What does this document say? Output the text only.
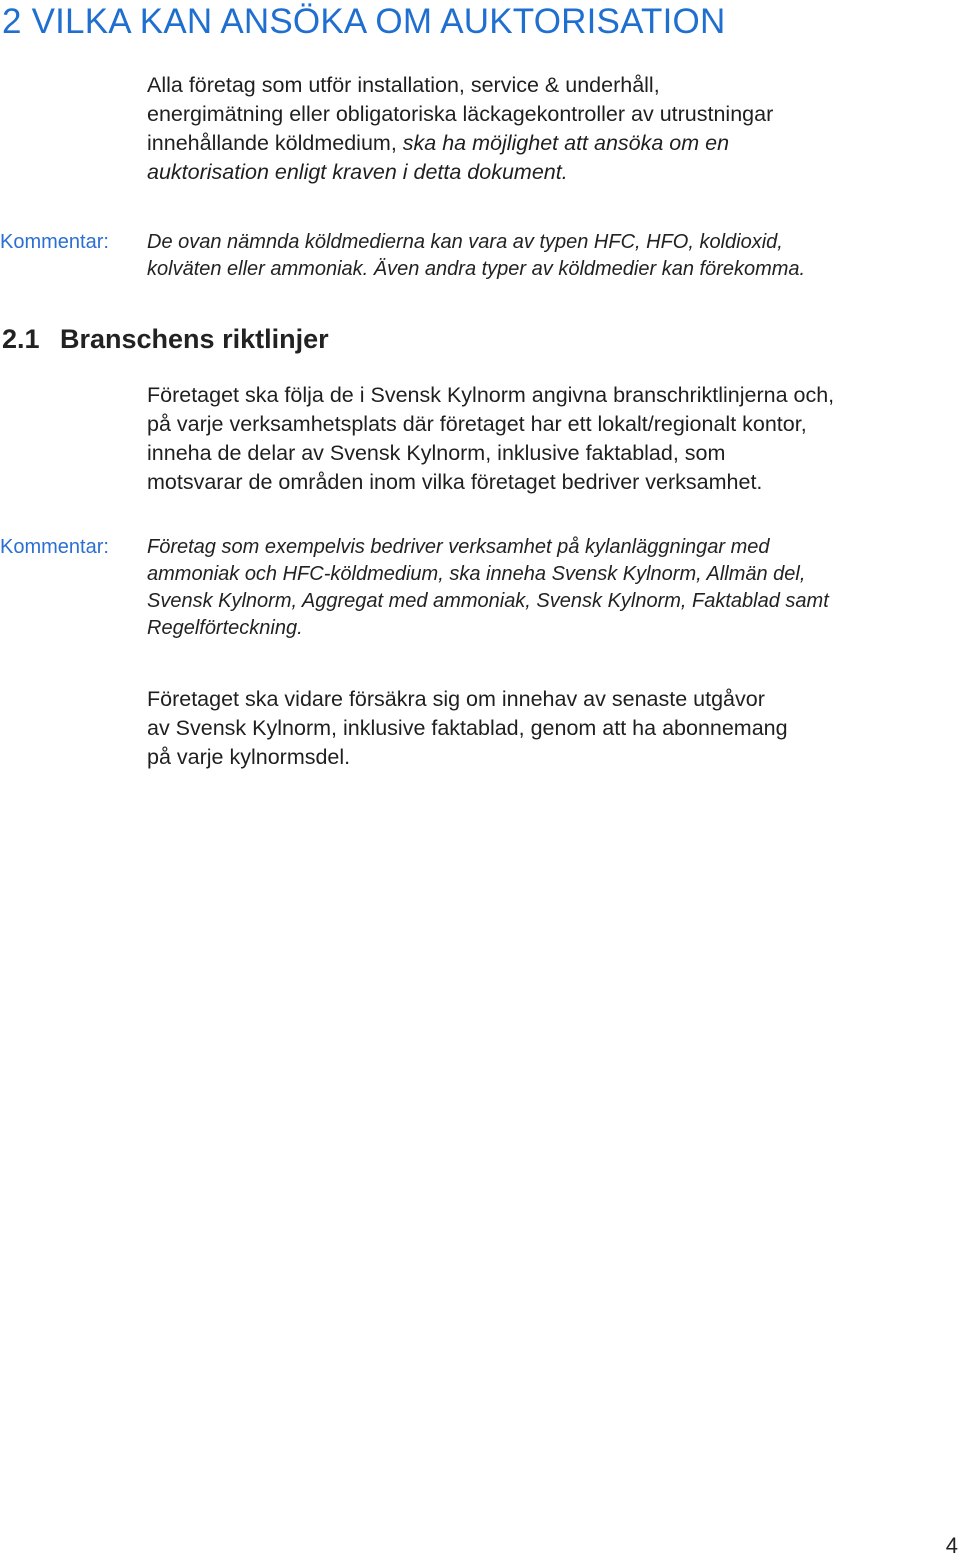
2 VILKA KAN ANSÖKA OM AUKTORISATION
Alla företag som utför installation, service & underhåll,
energimätning eller obligatoriska läckagekontroller av utrustningar
innehållande köldmedium, ska ha möjlighet att ansöka om en
auktorisation enligt kraven i detta dokument.
Kommentar: De ovan nämnda köldmedierna kan vara av typen HFC, HFO, koldioxid,
kolväten eller ammoniak. Även andra typer av köldmedier kan förekomma.
2.1 Branschens riktlinjer
Företaget ska följa de i Svensk Kylnorm angivna branschriktlinjerna och,
på varje verksamhetsplats där företaget har ett lokalt/regionalt kontor,
inneha de delar av Svensk Kylnorm, inklusive faktablad, som
motsvarar de områden inom vilka företaget bedriver verksamhet.
Kommentar: Företag som exempelvis bedriver verksamhet på kylanläggningar med
ammoniak och HFC-köldmedium, ska inneha Svensk Kylnorm, Allmän del,
Svensk Kylnorm, Aggregat med ammoniak, Svensk Kylnorm, Faktablad samt
Regelförteckning.
Företaget ska vidare försäkra sig om innehav av senaste utgåvor
av Svensk Kylnorm, inklusive faktablad, genom att ha abonnemang
på varje kylnormsdel.
4
